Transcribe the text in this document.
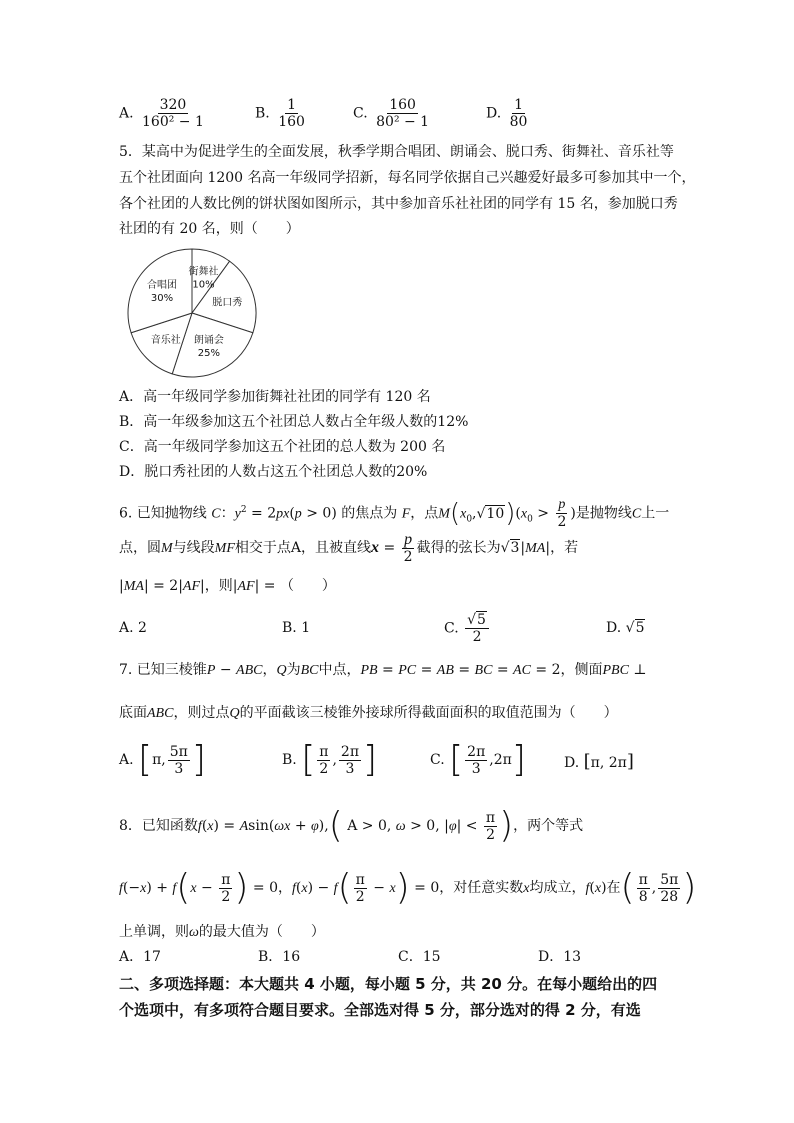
A. $\frac{320}{\text{160² − 1}}$	B. $\frac{1}{160}$	C. $\frac{160}{\text{80² − 1}}$	D. $\frac{1}{80}$
5．某高中为促进学生的全面发展，秋季学期合唱团、朗诵会、脱口秀、街舞社、音乐社等
五个社团面向 1200 名高一年级同学招新，每名同学依据自己兴趣爱好最多可参加其中一个，
各个社团的人数比例的饼状图如图所示，其中参加音乐社社团的同学有 15 名，参加脱口秀
社团的有 20 名，则（　　）
街舞社
10%
脱口秀
朗诵会
25%
音乐社
合唱团
30%
A．高一年级同学参加街舞社社团的同学有 120 名
B．高一年级参加这五个社团总人数占全年级人数的12%
C．高一年级同学参加这五个社团的总人数为 200 名
D．脱口秀社团的人数占这五个社团总人数的20%
6. 已知抛物线 C：$y^2 = 2px(p > 0)$ 的焦点为 F，点$M(x_0,√10)(x_0 > \frac{p}{2}$ )是抛物线C上一
点，圆M与线段MF相交于点A，且被直线$x = \frac{p}{2}$ 截得的弦长为√3|MA|，若
|MA| = 2|AF|，则|AF| = （　　）
A. 2	B. 1	C. $\frac{√5}{2}$	D. √5
7. 已知三棱锥P − ABC，Q为BC中点，PB = PC = AB = BC = AC = 2，侧面PBC ⊥
底面ABC，则过点Q的平面截该三棱锥外接球所得截面面积的取值范围为（　　）
A. [π, $\frac{5\pi}{3}$ ]	B. [ $\frac{\pi}{2}$ , $\frac{2\pi}{3}$ ]	C. [ $\frac{2\pi}{3} ,2\pi$]	D. [π, 2π]
8．已知函数f(x) = Asin(ωx + φ),( A > 0, ω > 0, $|\varphi| < \frac{\pi}{2}$ )，两个等式
$f(-x) + f(x - \frac{\pi}{2}$ ) = 0，$f(x) - f( \frac{\pi}{2} - x) = 0$，对任意实数x均成立，f(x)在( $\frac{\pi}{8}$ , $\frac{5\pi}{28}$ )
上单调，则ω的最大值为（　　）
A．17	B．16	C．15	D．13
二、多项选择题：本大题共 4 小题，每小题 5 分，共 20 分。在每小题给出的四
个选项中，有多项符合题目要求。全部选对得 5 分，部分选对的得 2 分，有选
